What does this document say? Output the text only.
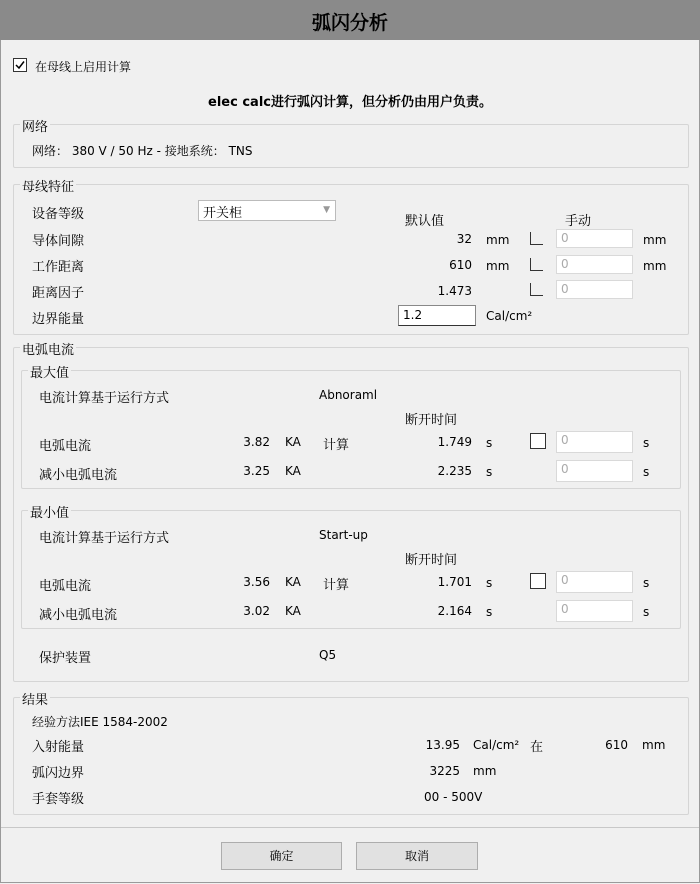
弧闪分析
在母线上启用计算
elec calc进行弧闪计算，但分析仍由用户负责。
网络
网络： 380 V / 50 Hz - 接地系统： TNS
母线特征
设备等级	开关柜	▼
默认值	手动
导体间隙	32 mm	0	mm
工作距离	610 mm	0	mm
距离因子	1.473	0
边界能量	1.2	Cal/cm²
电弧电流
最大值
电流计算基于运行方式	Abnoraml
断开时间
电弧电流	3.82 KA 计算	1.749 s	0	s
减小电弧电流	3.25 KA	2.235 s	0	s
最小值
电流计算基于运行方式	Start-up
断开时间
电弧电流	3.56 KA 计算	1.701 s	0	s
减小电弧电流	3.02 KA	2.164 s	0	s
保护装置	Q5
结果
经验方法IEE 1584-2002
入射能量	13.95 Cal/cm² 在	610 mm
弧闪边界	3225 mm
手套等级	00 - 500V
确定	取消
